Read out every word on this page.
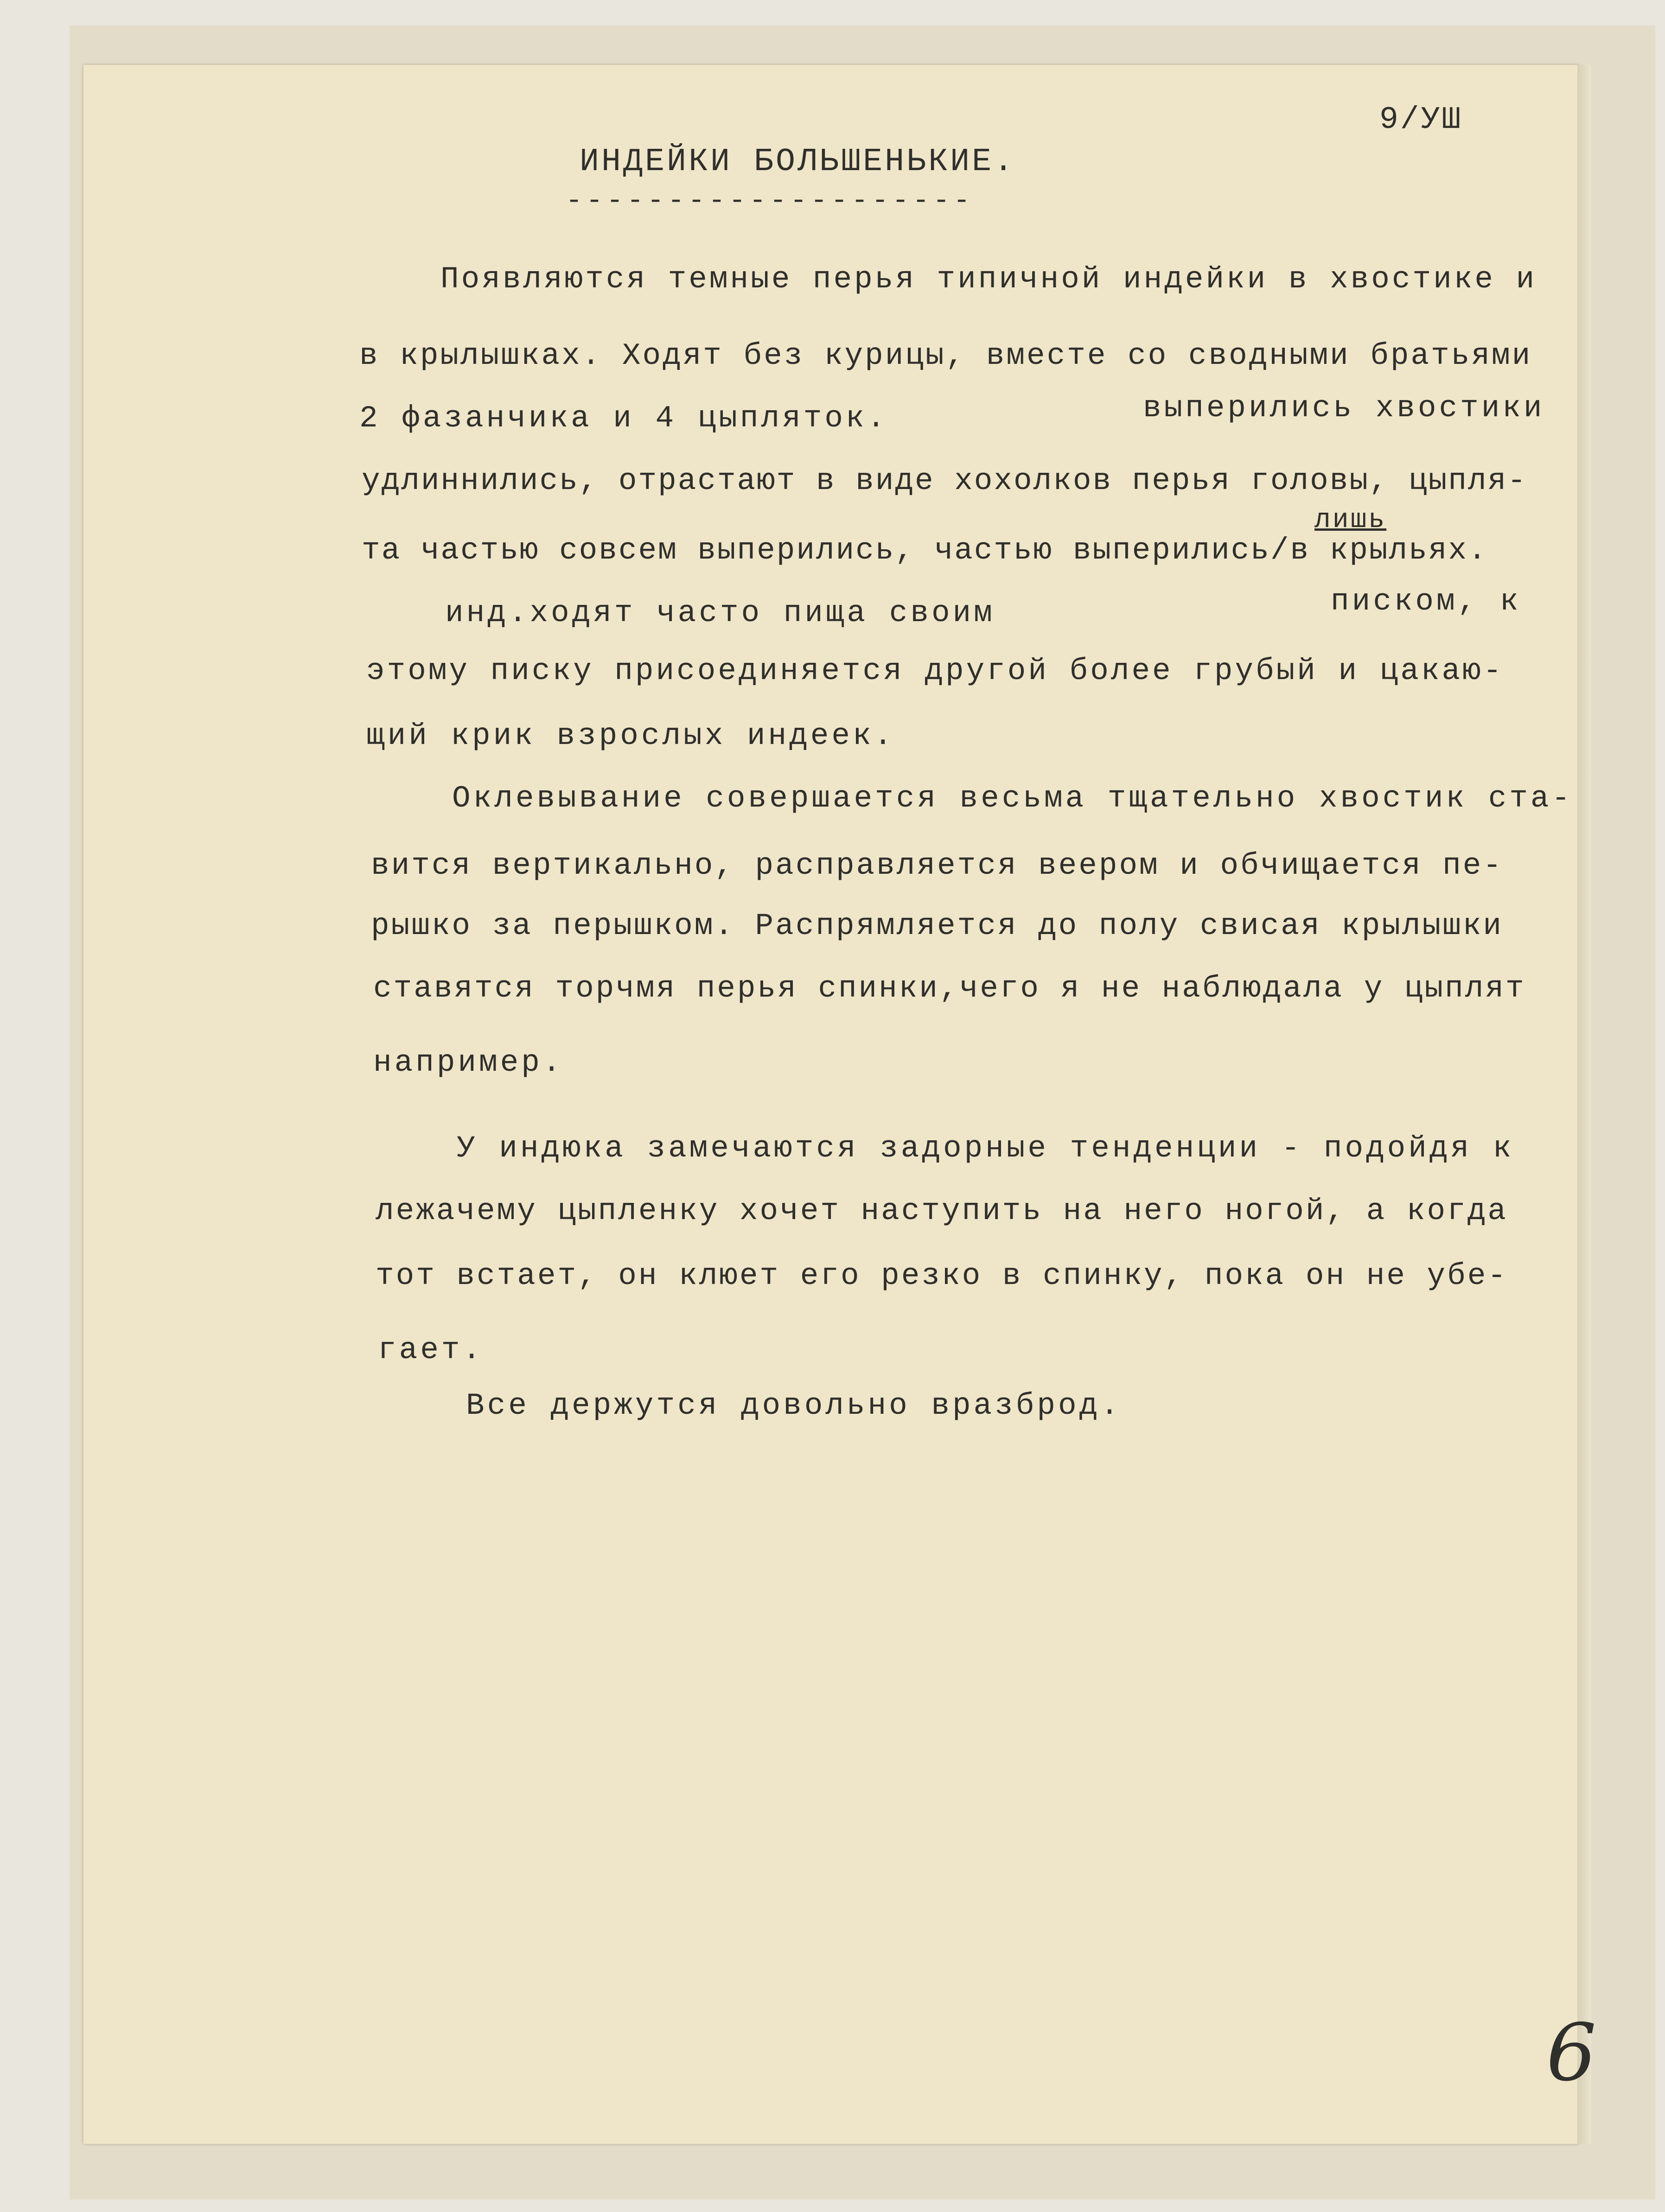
9/УШ

ИНДЕЙКИ БОЛЬШЕНЬКИЕ.

--------------------

Появляются темные перья типичной индейки в хвостике и

в крылышках. Ходят без курицы, вместе со сводными братьями

2 фазанчика и 4 цыпляток.	выперились хвостики

лишь

удлиннились, отрастают в виде хохолков перья головы, цыпля-

та частью совсем выперились, частью выперились/в крыльях.

инд.ходят часто пища своим	писком, к

этому писку присоединяется другой более грубый и цакаю-

щий крик взрослых индеек.

Оклевывание совершается весьма тщательно хвостик ста-

вится вертикально, расправляется веером и обчищается пе-

рышко за перышком. Распрямляется до полу свисая крылышки

ставятся торчмя перья спинки,чего я не наблюдала у цыплят

например.

У индюка замечаются задорные тенденции - подойдя к

лежачему цыпленку хочет наступить на него ногой, а когда

тот встает, он клюет его резко в спинку, пока он не убе-

гает.

Все держутся довольно вразброд.

6
